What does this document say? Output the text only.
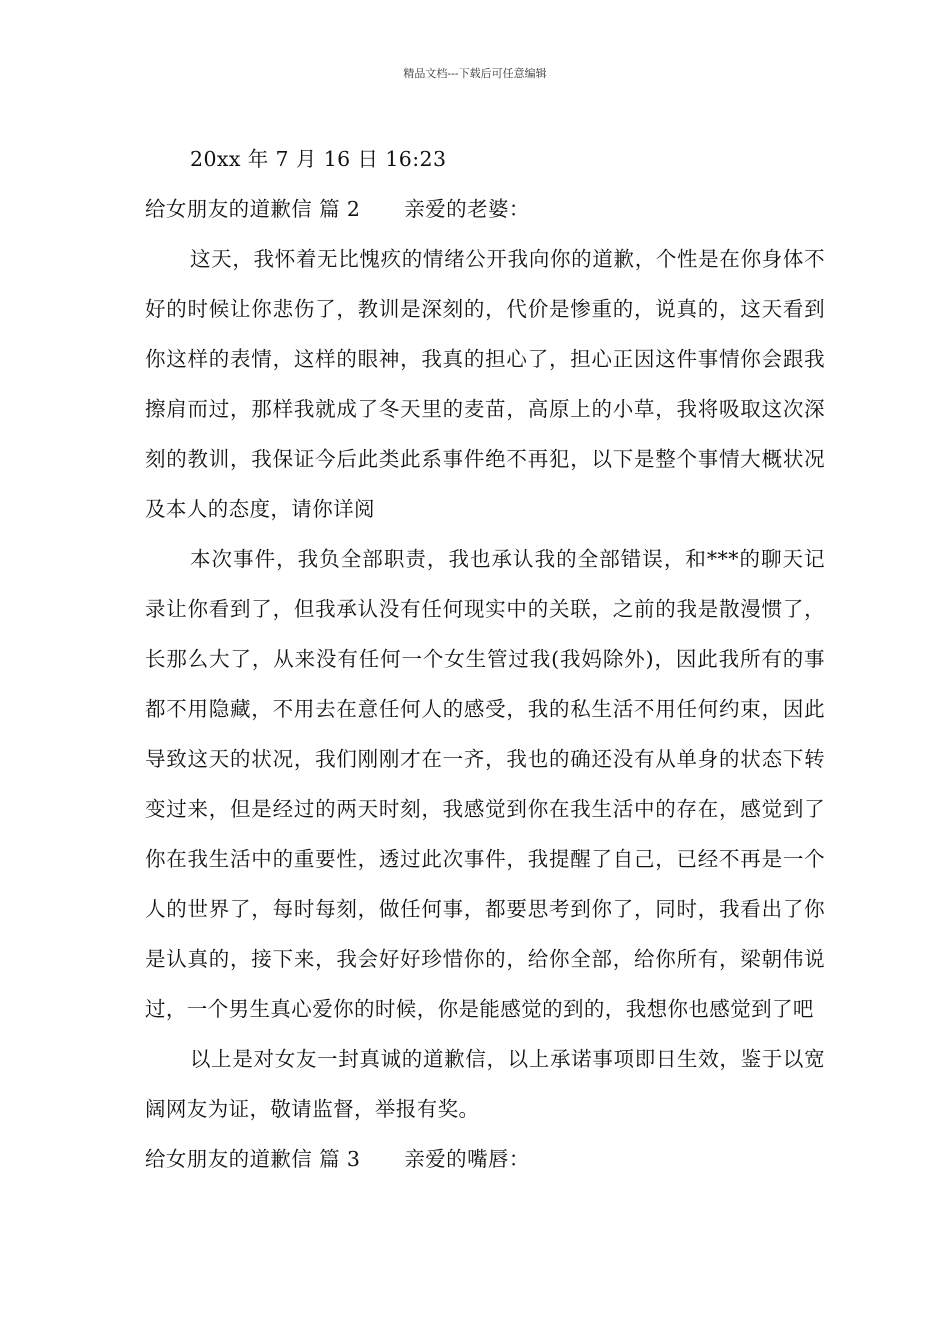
精品文档---下载后可任意编辑
20xx 年 7 月 16 日 16:23
给女朋友的道歉信 篇 2 亲爱的老婆：

这天，我怀着无比愧疚的情绪公开我向你的道歉，个性是在你身体不好的时候让你悲伤了，教训是深刻的，代价是惨重的，说真的，这天看到你这样的表情，这样的眼神，我真的担心了，担心正因这件事情你会跟我擦肩而过，那样我就成了冬天里的麦苗，高原上的小草，我将吸取这次深刻的教训，我保证今后此类此系事件绝不再犯，以下是整个事情大概状况及本人的态度，请你详阅

本次事件，我负全部职责，我也承认我的全部错误，和***的聊天记录让你看到了，但我承认没有任何现实中的关联，之前的我是散漫惯了，长那么大了，从来没有任何一个女生管过我(我妈除外)，因此我所有的事都不用隐藏，不用去在意任何人的感受，我的私生活不用任何约束，因此导致这天的状况，我们刚刚才在一齐，我也的确还没有从单身的状态下转变过来，但是经过的两天时刻，我感觉到你在我生活中的存在，感觉到了你在我生活中的重要性，透过此次事件，我提醒了自己，已经不再是一个人的世界了，每时每刻，做任何事，都要思考到你了，同时，我看出了你是认真的，接下来，我会好好珍惜你的，给你全部，给你所有，梁朝伟说过，一个男生真心爱你的时候，你是能感觉的到的，我想你也感觉到了吧

以上是对女友一封真诚的道歉信，以上承诺事项即日生效，鉴于以宽阔网友为证，敬请监督，举报有奖。

给女朋友的道歉信 篇 3 亲爱的嘴唇：
